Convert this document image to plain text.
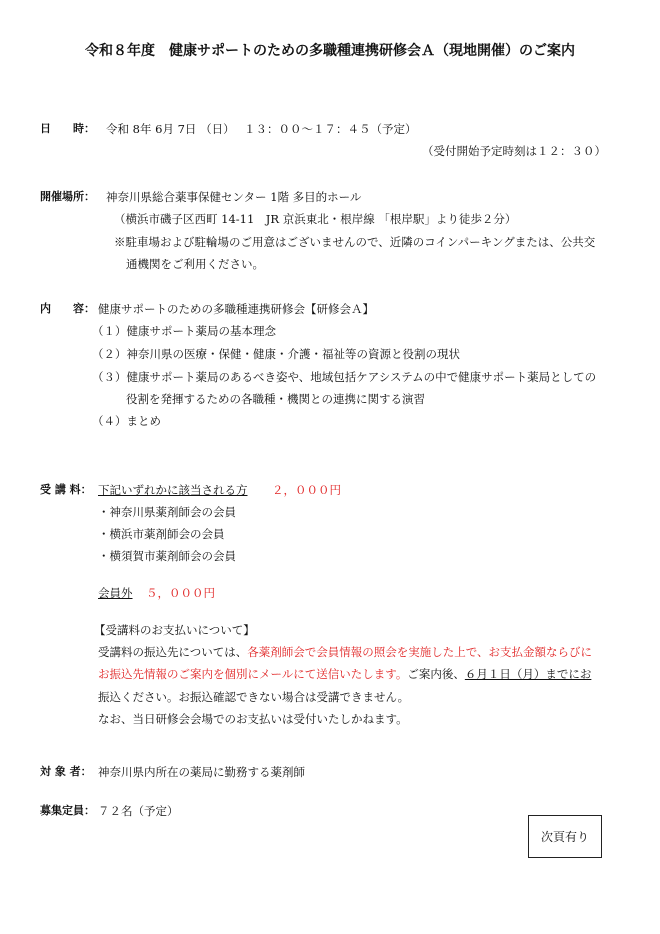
令和８年度　健康サポートのための多職種連携研修会Ａ（現地開催）のご案内
日　　時： 令和 8年 6月 7日 （日）　 １３：００～１７：４５（予定）
（受付開始予定時刻は１２：３０）
開催場所： 神奈川県総合薬事保健センター 1階 多目的ホール
（横浜市磯子区西町 14-11　JR 京浜東北・根岸線 「根岸駅」より徒歩２分）
※駐車場および駐輪場のご用意はございませんので、近隣のコインパーキングまたは、公共交
通機関をご利用ください。
内　　容： 健康サポートのための多職種連携研修会【研修会Ａ】
（１）健康サポート薬局の基本理念
（２）神奈川県の医療・保健・健康・介護・福祉等の資源と役割の現状
（３）健康サポート薬局のあるべき姿や、地域包括ケアシステムの中で健康サポート薬局としての
役割を発揮するための各職種・機関との連携に関する演習
（４）まとめ
受 講 料： 下記いずれかに該当される方 ２，０００円
・神奈川県薬剤師会の会員
・横浜市薬剤師会の会員
・横須賀市薬剤師会の会員
会員外 ５，０００円
【受講料のお支払いについて】
受講料の振込先については、各薬剤師会で会員情報の照会を実施した上で、お支払金額ならびに
お振込先情報のご案内を個別にメールにて送信いたします。ご案内後、６月１日（月）までにお
振込ください。お振込確認できない場合は受講できません。
なお、当日研修会会場でのお支払いは受付いたしかねます。
対 象 者： 神奈川県内所在の薬局に勤務する薬剤師
募集定員： ７２名（予定）
次頁有り
